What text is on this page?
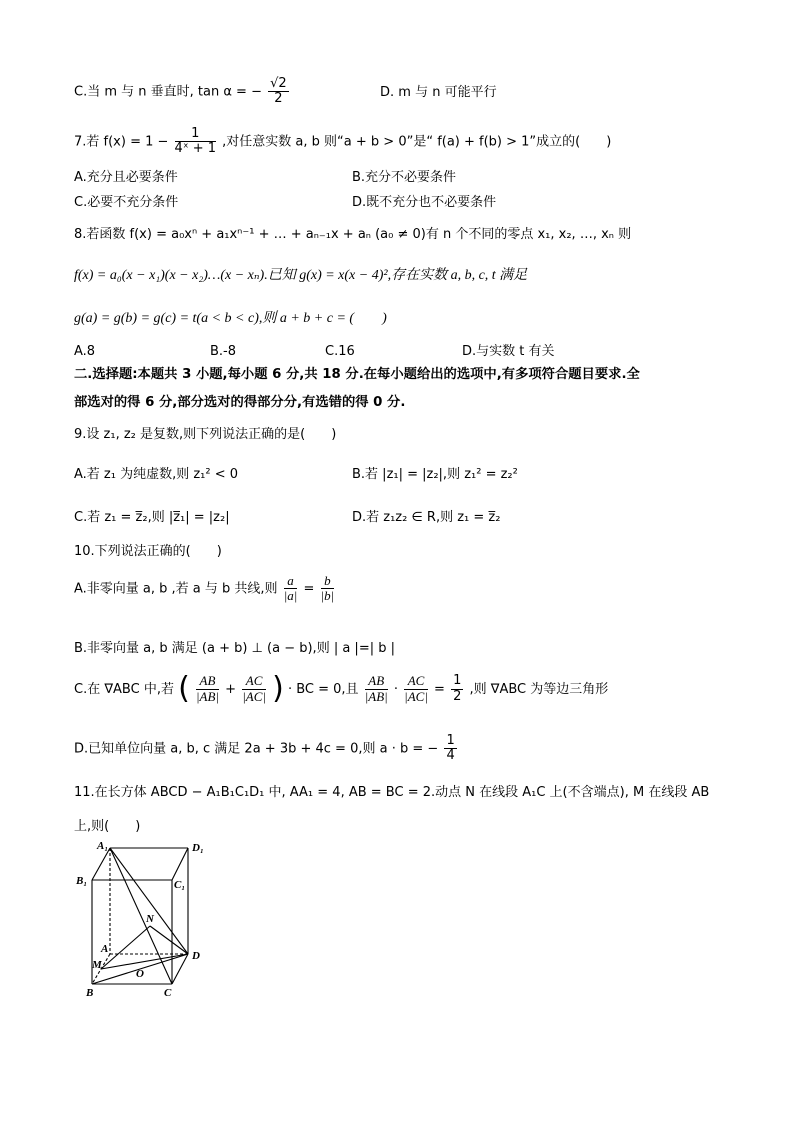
C.当 m 与 n 垂直时, tan α = − $\frac{√2}{2}$	D. m 与 n 可能平行
7.若 $f(x) = 1 - \frac{1}{\text{4ˣ + 1}}$ ,对任意实数 a, b 则“a + b > 0”是“ f(a) + f(b) > 1”成立的(　　)
A.充分且必要条件	B.充分不必要条件
C.必要不充分条件	D.既不充分也不必要条件
8.若函数 f(x) = a₀xⁿ + a₁xⁿ⁻¹ + … + aₙ₋₁x + aₙ (a₀ ≠ 0)有 n 个不同的零点 x₁, x₂, …, xₙ 则
f(x) = a₀(x − x₁)(x − x₂)…(x − xₙ).已知 g(x) = x(x − 4)²,存在实数 a, b, c, t 满足
g(a) = g(b) = g(c) = t(a < b < c),则 a + b + c = (　　)
A.8	B.-8	C.16	D.与实数 t 有关
二.选择题:本题共 3 小题,每小题 6 分,共 18 分.在每小题给出的选项中,有多项符合题目要求.全
部选对的得 6 分,部分选对的得部分分,有选错的得 0 分.
9.设 z₁, z₂ 是复数,则下列说法正确的是(　　)
A.若 z₁ 为纯虚数,则 z₁² < 0	B.若 |z₁| = |z₂|,则 z₁² = z₂²
C.若 z₁ = z̅₂,则 |z̅₁| = |z₂|	D.若 z₁z₂ ∈ R,则 z₁ = z̅₂
10.下列说法正确的(　　)
A.非零向量 a, b ,若 a 与 b 共线,则 $\frac{a}{|a|} = \frac{b}{|b|}$
B.非零向量 a, b 满足 (a + b) ⊥ (a − b),则 | a |=| b |
C.在 ∇ABC 中,若 ( $\frac{AB}{|AB|} + \frac{AC}{|AC|}$ ) · BC = 0,且 $\frac{AB}{|AB|} \cdot \frac{AC}{|AC|} = \frac{1}{2}$ ,则 ∇ABC 为等边三角形
D.已知单位向量 a, b, c 满足 2a + 3b + 4c = 0,则 a · b = − $\frac{1}{4}$
11.在长方体 ABCD − A₁B₁C₁D₁ 中, AA₁ = 4, AB = BC = 2.动点 N 在线段 A₁C 上(不含端点), M 在线段 AB
上,则(　　)
A₁	D₁
B₁	C₁
N
A
D
M
O
B	C
